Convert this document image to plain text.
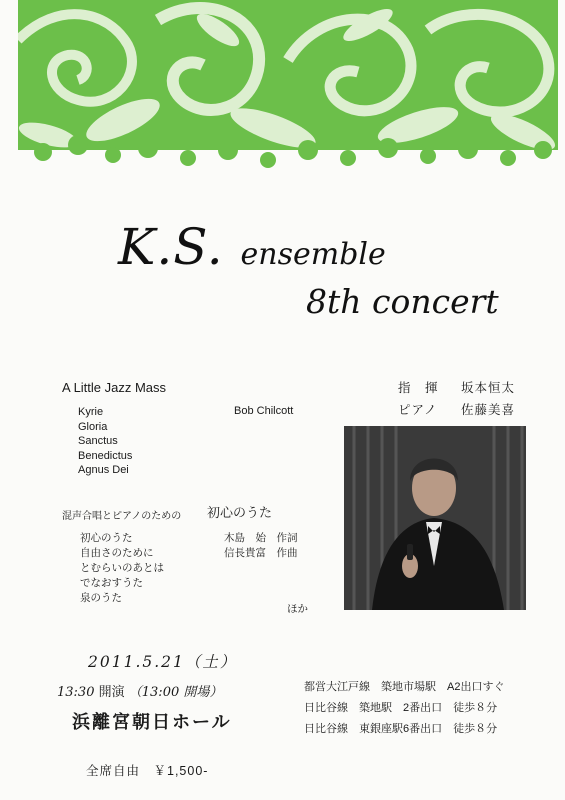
K.S. ensemble
8th concert
A Little Jazz Mass
Kyrie
Gloria
Sanctus
Benedictus
Agnus Dei
Bob Chilcott
指　揮 坂本恒太
ピアノ 佐藤美喜
混声合唱とピアノのための 初心のうた
初心のうた
自由さのために
とむらいのあとは
でなおすうた
泉のうた
木島　始　作詞
信長貴富　作曲
ほか
2011.5.21（土）
13:30 開演 （13:00 開場）
浜離宮朝日ホール
全席自由　￥1,500-
都営大江戸線　築地市場駅　A2出口すぐ
日比谷線　築地駅　2番出口　徒歩８分
日比谷線　東銀座駅6番出口　徒歩８分
